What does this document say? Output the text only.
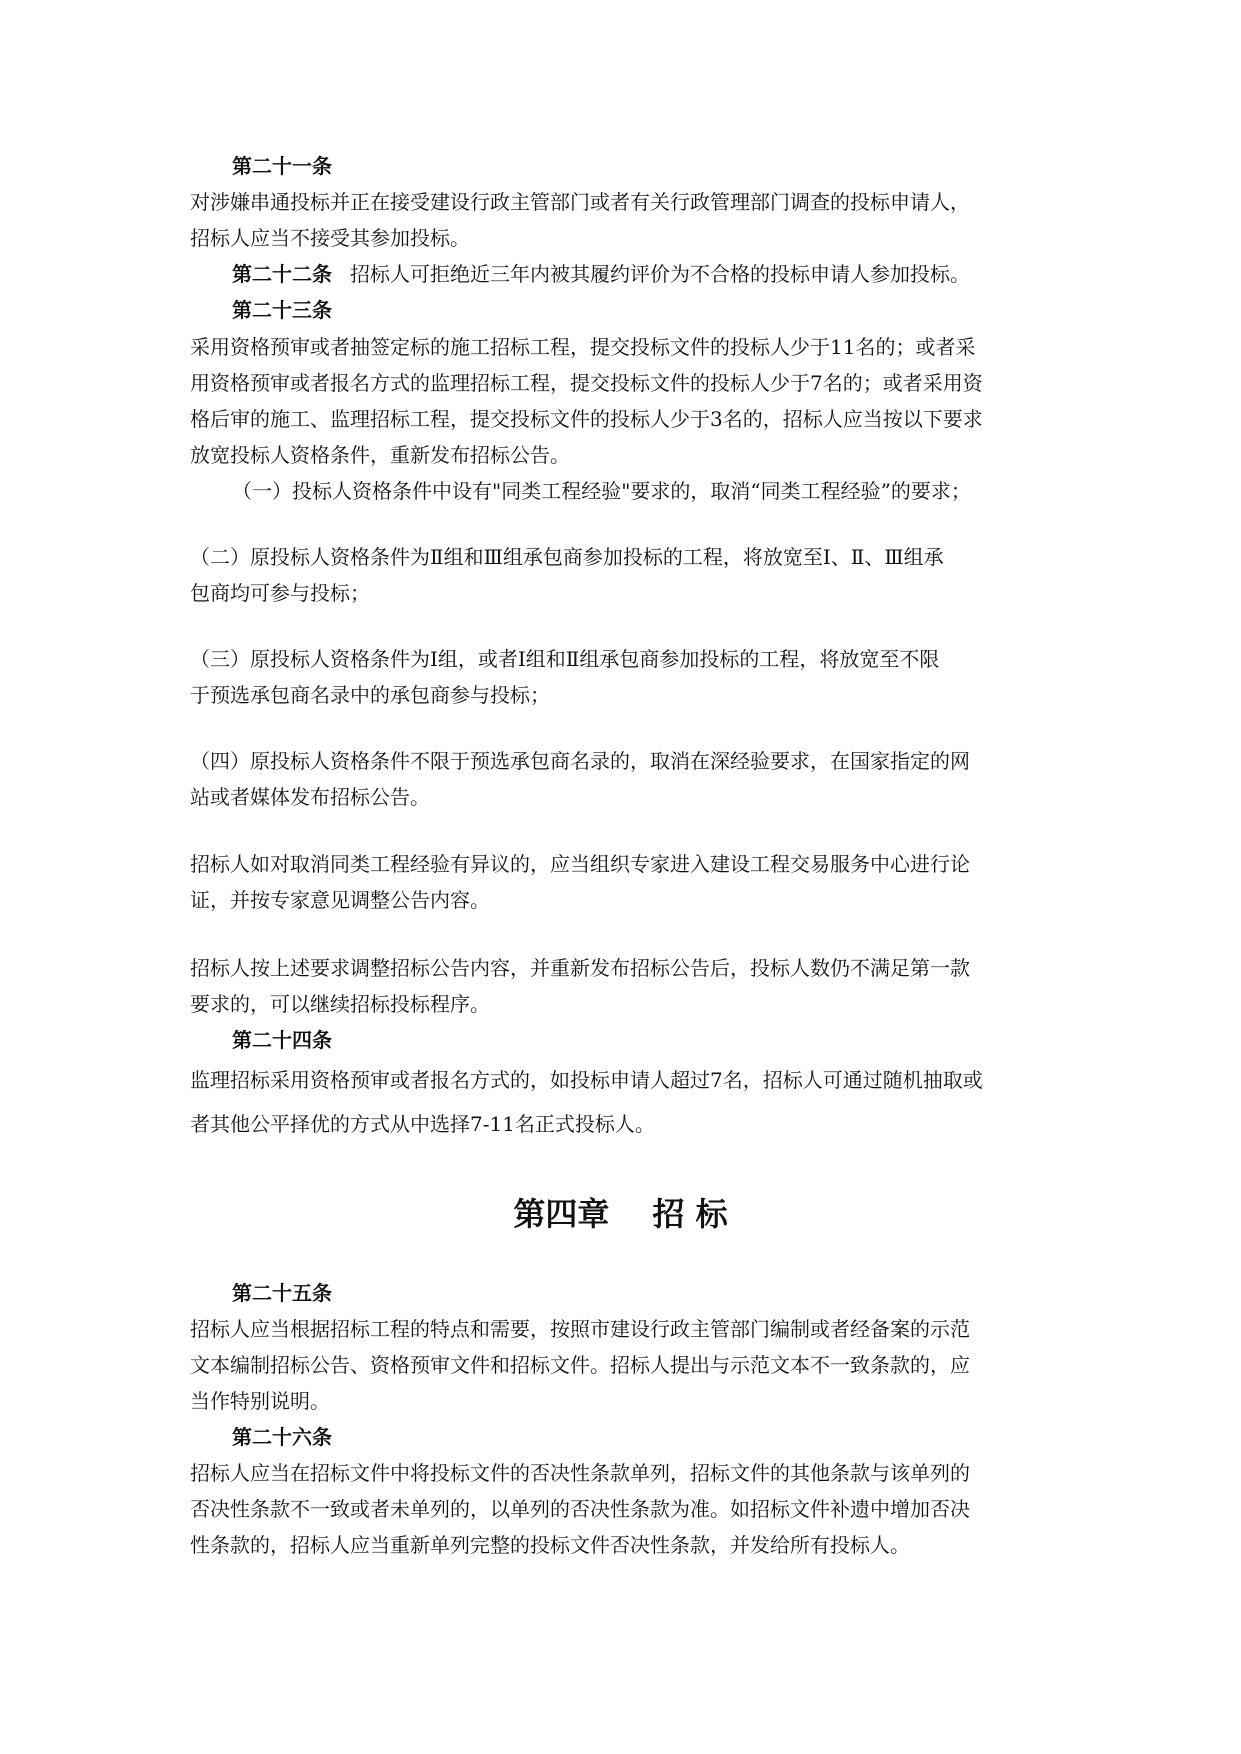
第二十一条
对涉嫌串通投标并正在接受建设行政主管部门或者有关行政管理部门调查的投标申请人，
招标人应当不接受其参加投标。
第二十二条 招标人可拒绝近三年内被其履约评价为不合格的投标申请人参加投标。
第二十三条
采用资格预审或者抽签定标的施工招标工程，提交投标文件的投标人少于11名的；或者采
用资格预审或者报名方式的监理招标工程，提交投标文件的投标人少于7名的；或者采用资
格后审的施工、监理招标工程，提交投标文件的投标人少于3名的，招标人应当按以下要求
放宽投标人资格条件，重新发布招标公告。
（一）投标人资格条件中设有"同类工程经验"要求的，取消“同类工程经验”的要求；
（二）原投标人资格条件为Ⅱ组和Ⅲ组承包商参加投标的工程，将放宽至Ⅰ、Ⅱ、Ⅲ组承
包商均可参与投标；
（三）原投标人资格条件为Ⅰ组，或者Ⅰ组和Ⅱ组承包商参加投标的工程，将放宽至不限
于预选承包商名录中的承包商参与投标；
（四）原投标人资格条件不限于预选承包商名录的，取消在深经验要求，在国家指定的网
站或者媒体发布招标公告。
招标人如对取消同类工程经验有异议的，应当组织专家进入建设工程交易服务中心进行论
证，并按专家意见调整公告内容。
招标人按上述要求调整招标公告内容，并重新发布招标公告后，投标人数仍不满足第一款
要求的，可以继续招标投标程序。
第二十四条
监理招标采用资格预审或者报名方式的，如投标申请人超过7名，招标人可通过随机抽取或
者其他公平择优的方式从中选择7-11名正式投标人。
第四章　 招 标
第二十五条
招标人应当根据招标工程的特点和需要，按照市建设行政主管部门编制或者经备案的示范
文本编制招标公告、资格预审文件和招标文件。招标人提出与示范文本不一致条款的，应
当作特别说明。
第二十六条
招标人应当在招标文件中将投标文件的否决性条款单列，招标文件的其他条款与该单列的
否决性条款不一致或者未单列的，以单列的否决性条款为准。如招标文件补遗中增加否决
性条款的，招标人应当重新单列完整的投标文件否决性条款，并发给所有投标人。
